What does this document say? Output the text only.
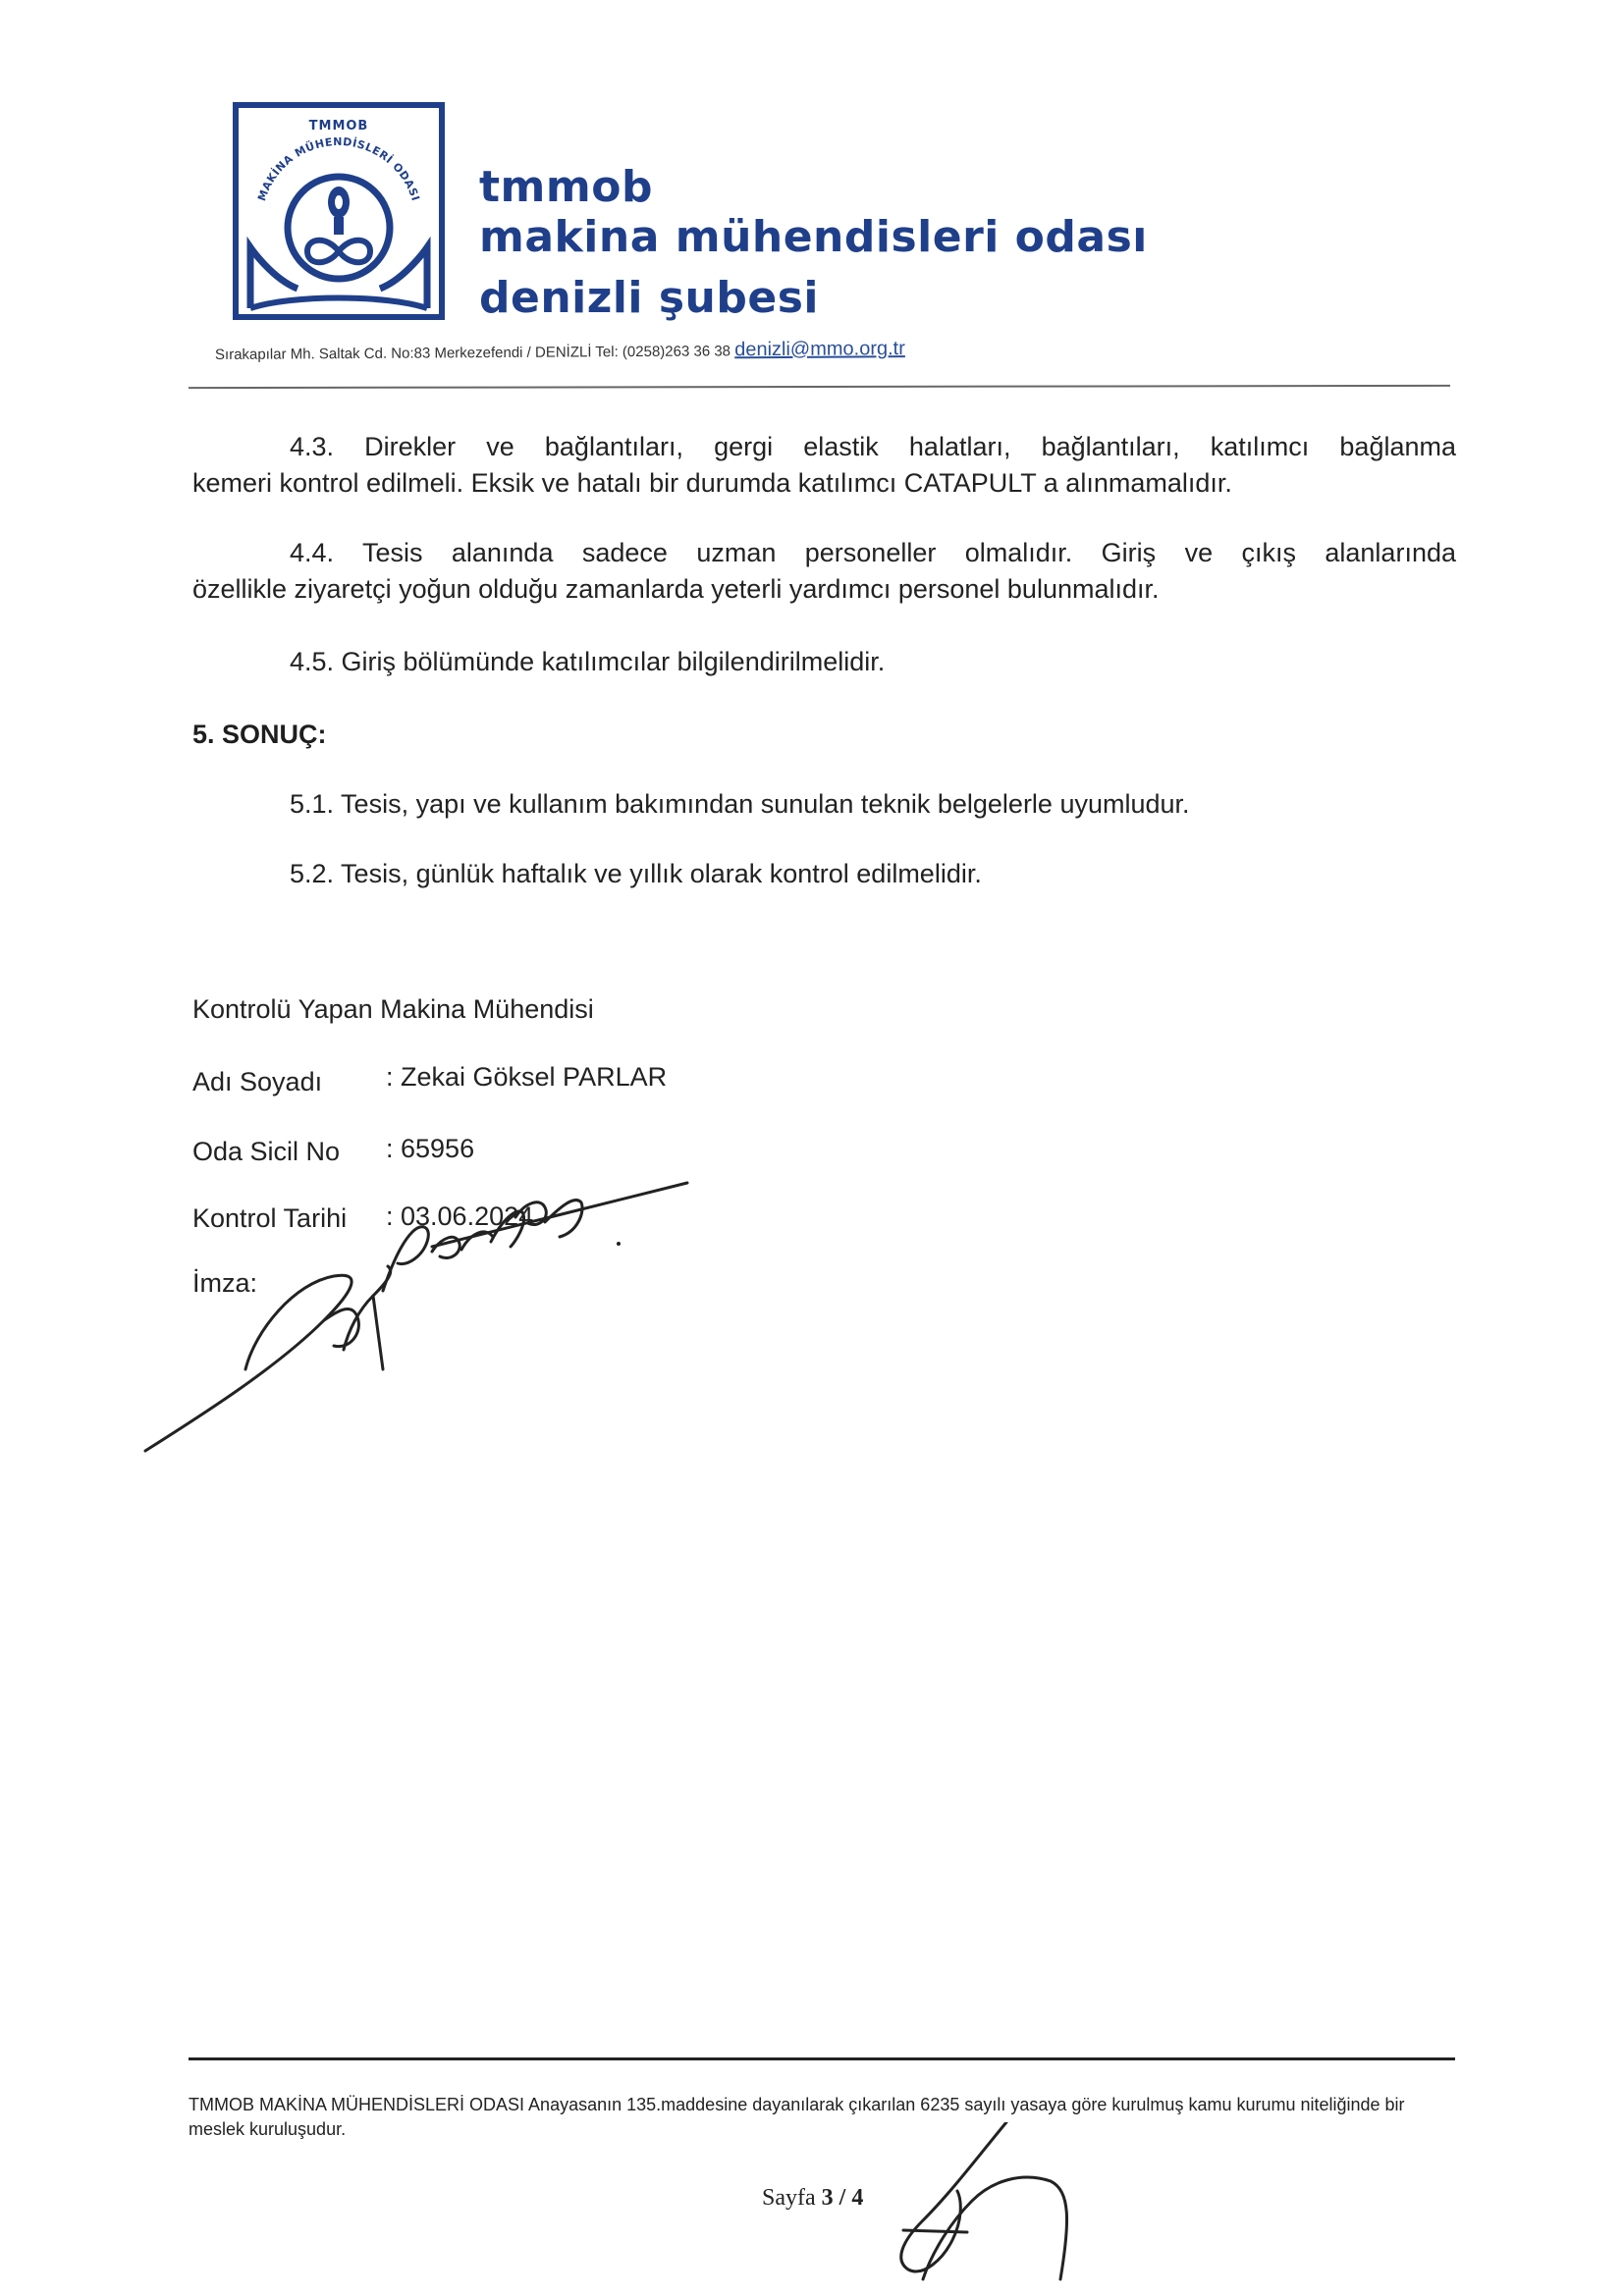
TMMOB
MAKİNA MÜHENDİSLERİ ODASI tmmob
makina mühendisleri odası
denizli şubesi
Sırakapılar Mh. Saltak Cd. No:83 Merkezefendi / DENİZLİ Tel: (0258)263 36 38 denizli@mmo.org.tr
4.3. Direkler ve bağlantıları, gergi elastik halatları, bağlantıları, katılımcı bağlanma
kemeri kontrol edilmeli. Eksik ve hatalı bir durumda katılımcı CATAPULT a alınmamalıdır.
4.4. Tesis alanında sadece uzman personeller olmalıdır. Giriş ve çıkış alanlarında
özellikle ziyaretçi yoğun olduğu zamanlarda yeterli yardımcı personel bulunmalıdır.
4.5. Giriş bölümünde katılımcılar bilgilendirilmelidir.
5. SONUÇ:
5.1. Tesis, yapı ve kullanım bakımından sunulan teknik belgelerle uyumludur.
5.2. Tesis, günlük haftalık ve yıllık olarak kontrol edilmelidir.
Kontrolü Yapan Makina Mühendisi
Adı Soyadı : Zekai Göksel PARLAR
Oda Sicil No : 65956
Kontrol Tarihi : 03.06.2024
İmza:
TMMOB MAKİNA MÜHENDİSLERİ ODASI Anayasanın 135.maddesine dayanılarak çıkarılan 6235 sayılı yasaya göre kurulmuş kamu kurumu niteliğinde bir meslek kuruluşudur.
Sayfa 3 / 4
